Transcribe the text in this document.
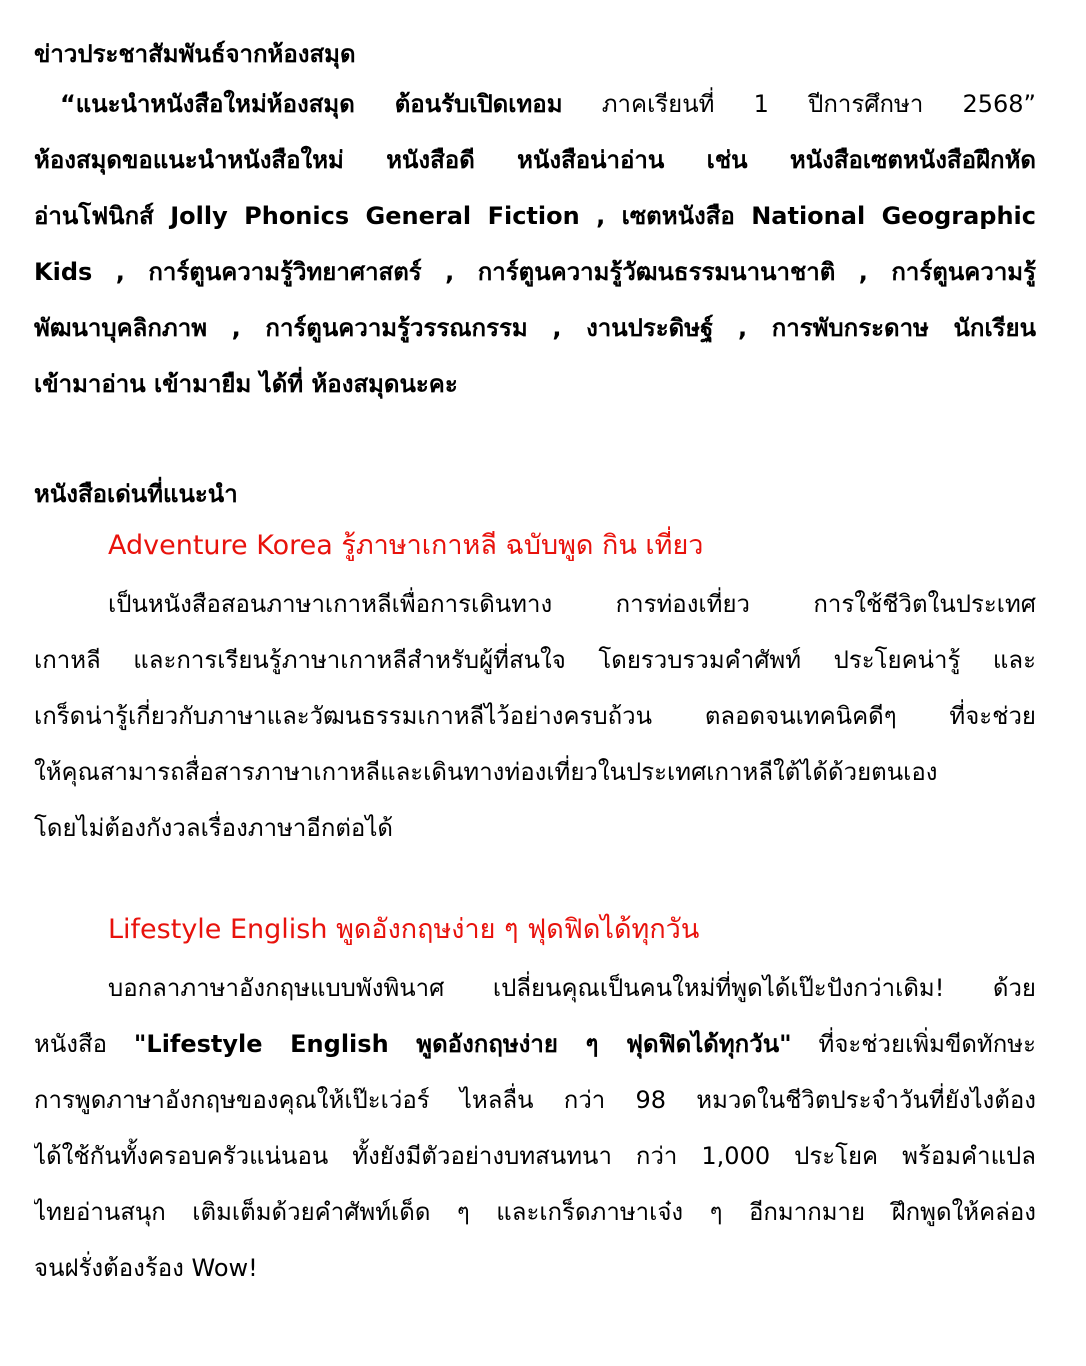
ข่าวประชาสัมพันธ์จากห้องสมุด
“แนะนำหนังสือใหม่ห้องสมุด ต้อนรับเปิดเทอม ภาคเรียนที่ 1 ปีการศึกษา 2568”
ห้องสมุดขอแนะนำหนังสือใหม่ หนังสือดี หนังสือน่าอ่าน เช่น หนังสือเซตหนังสือฝึกหัด
อ่านโฟนิกส์ Jolly Phonics General Fiction , เซตหนังสือ National Geographic
Kids , การ์ตูนความรู้วิทยาศาสตร์ , การ์ตูนความรู้วัฒนธรรมนานาชาติ , การ์ตูนความรู้
พัฒนาบุคลิกภาพ , การ์ตูนความรู้วรรณกรรม , งานประดิษฐ์ , การพับกระดาษ นักเรียน
เข้ามาอ่าน เข้ามายืม ได้ที่ ห้องสมุดนะคะ
หนังสือเด่นที่แนะนำ
Adventure Korea รู้ภาษาเกาหลี ฉบับพูด กิน เที่ยว
เป็นหนังสือสอนภาษาเกาหลีเพื่อการเดินทาง การท่องเที่ยว การใช้ชีวิตในประเทศ
เกาหลี และการเรียนรู้ภาษาเกาหลีสำหรับผู้ที่สนใจ โดยรวบรวมคำศัพท์ ประโยคน่ารู้ และ
เกร็ดน่ารู้เกี่ยวกับภาษาและวัฒนธรรมเกาหลีไว้อย่างครบถ้วน ตลอดจนเทคนิคดีๆ ที่จะช่วย
ให้คุณสามารถสื่อสารภาษาเกาหลีและเดินทางท่องเที่ยวในประเทศเกาหลีใต้ได้ด้วยตนเอง
โดยไม่ต้องกังวลเรื่องภาษาอีกต่อได้
Lifestyle English พูดอังกฤษง่าย ๆ ฟุดฟิดได้ทุกวัน
บอกลาภาษาอังกฤษแบบพังพินาศ เปลี่ยนคุณเป็นคนใหม่ที่พูดได้เป๊ะปังกว่าเดิม! ด้วย
หนังสือ "Lifestyle English พูดอังกฤษง่าย ๆ ฟุดฟิดได้ทุกวัน" ที่จะช่วยเพิ่มขีดทักษะ
การพูดภาษาอังกฤษของคุณให้เป๊ะเว่อร์ ไหลลื่น กว่า 98 หมวดในชีวิตประจำวันที่ยังไงต้อง
ได้ใช้กันทั้งครอบครัวแน่นอน ทั้งยังมีตัวอย่างบทสนทนา กว่า 1,000 ประโยค พร้อมคำแปล
ไทยอ่านสนุก เติมเต็มด้วยคำศัพท์เด็ด ๆ และเกร็ดภาษาเจ๋ง ๆ อีกมากมาย ฝึกพูดให้คล่อง
จนฝรั่งต้องร้อง Wow!
